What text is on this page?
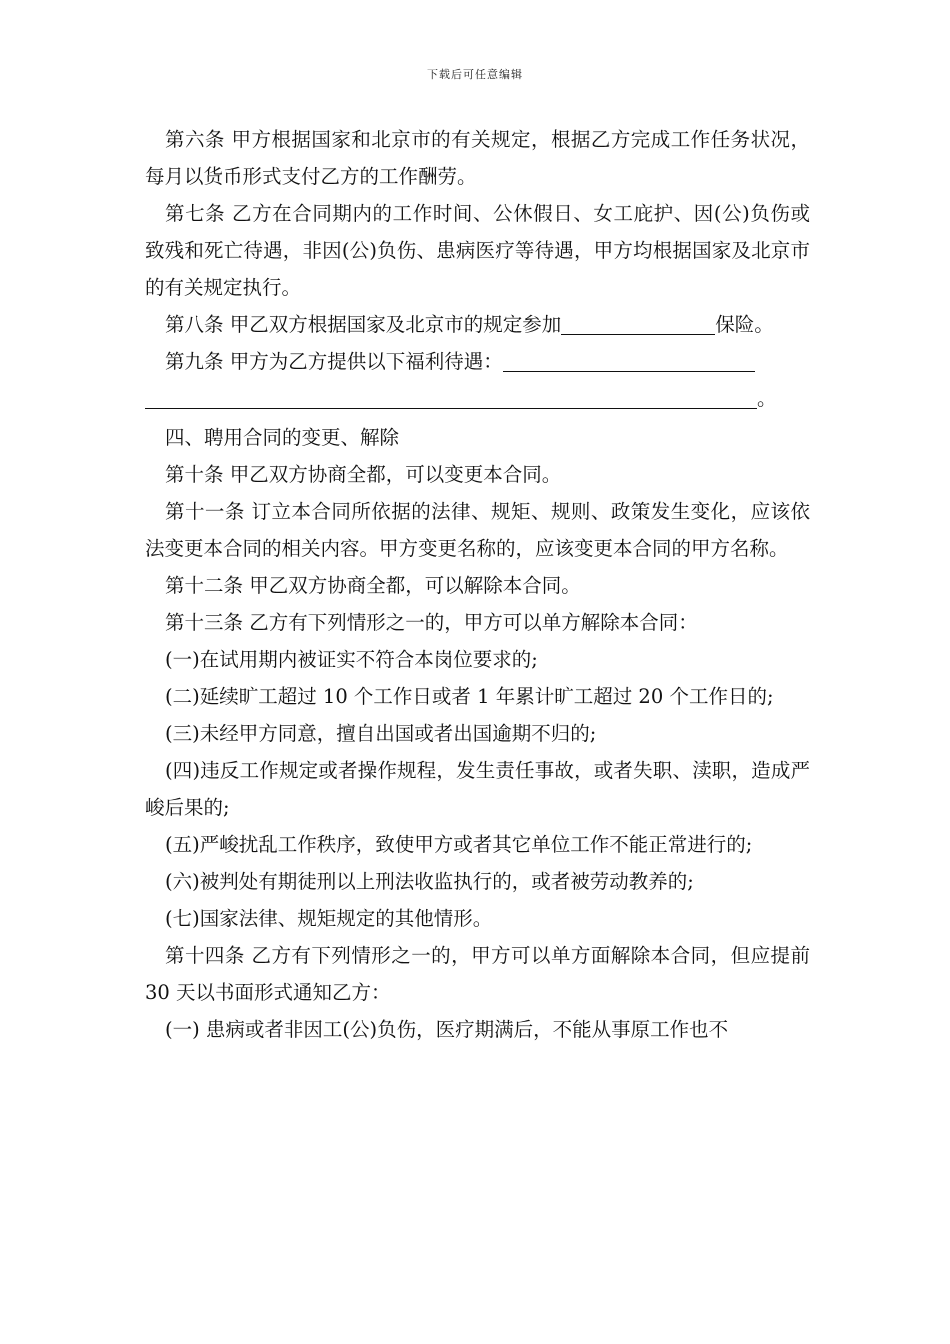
下载后可任意编辑

第六条 甲方根据国家和北京市的有关规定，根据乙方完成工作任务状况，每月以货币形式支付乙方的工作酬劳。

第七条 乙方在合同期内的工作时间、公休假日、女工庇护、因(公)负伤或致残和死亡待遇，非因(公)负伤、患病医疗等待遇，甲方均根据国家及北京市的有关规定执行。

第八条 甲乙双方根据国家及北京市的规定参加	保险。

第九条 甲方为乙方提供以下福利待遇：

。

四、聘用合同的变更、解除

第十条 甲乙双方协商全都，可以变更本合同。

第十一条 订立本合同所依据的法律、规矩、规则、政策发生变化，应该依法变更本合同的相关内容。甲方变更名称的，应该变更本合同的甲方名称。

第十二条 甲乙双方协商全都，可以解除本合同。

第十三条 乙方有下列情形之一的，甲方可以单方解除本合同：

(一)在试用期内被证实不符合本岗位要求的;

(二)延续旷工超过 10 个工作日或者 1 年累计旷工超过 20 个工作日的;

(三)未经甲方同意，擅自出国或者出国逾期不归的;

(四)违反工作规定或者操作规程，发生责任事故，或者失职、渎职，造成严峻后果的;

(五)严峻扰乱工作秩序，致使甲方或者其它单位工作不能正常进行的;

(六)被判处有期徒刑以上刑法收监执行的，或者被劳动教养的;

(七)国家法律、规矩规定的其他情形。

第十四条 乙方有下列情形之一的，甲方可以单方面解除本合同，但应提前 30 天以书面形式通知乙方：

(一) 患病或者非因工(公)负伤，医疗期满后，不能从事原工作也不
